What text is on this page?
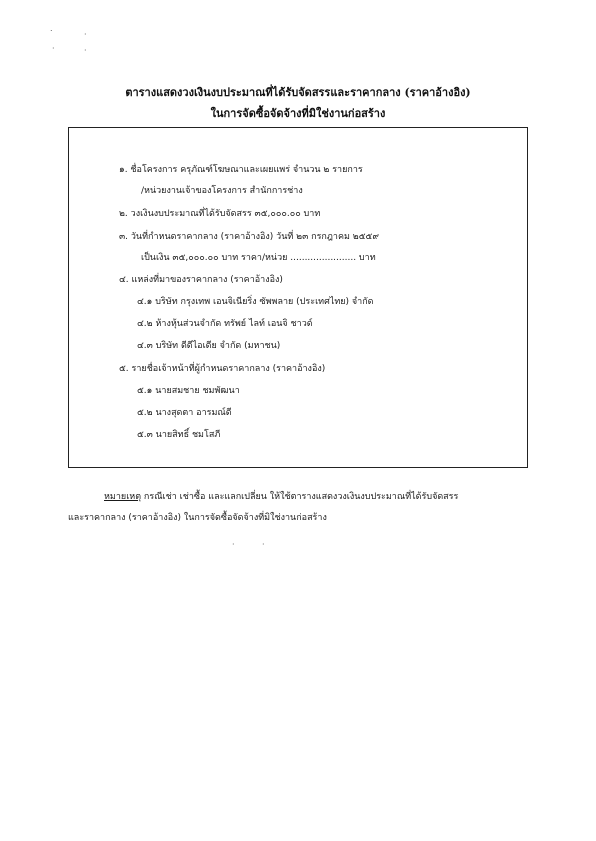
.
·
·	·
ตารางแสดงวงเงินงบประมาณที่ได้รับจัดสรรและราคากลาง (ราคาอ้างอิง)
ในการจัดซื้อจัดจ้างที่มิใช่งานก่อสร้าง
๑. ชื่อโครงการ ครุภัณฑ์โฆษณาและเผยแพร่ จำนวน ๒ รายการ
/หน่วยงานเจ้าของโครงการ สำนักการช่าง
๒. วงเงินงบประมาณที่ได้รับจัดสรร ๓๕,๐๐๐.๐๐ บาท
๓. วันที่กำหนดราคากลาง (ราคาอ้างอิง) วันที่ ๒๓ กรกฎาคม ๒๕๕๙
เป็นเงิน ๓๕,๐๐๐.๐๐ บาท ราคา/หน่วย ....................... บาท
๔. แหล่งที่มาของราคากลาง (ราคาอ้างอิง)
๔.๑ บริษัท กรุงเทพ เอนจิเนียริ่ง ซัพพลาย (ประเทศไทย) จำกัด
๔.๒ ห้างหุ้นส่วนจำกัด ทรัพย์ ไลท์ เอนจิ ชาวด์
๔.๓ บริษัท ดีดีไอเดีย จำกัด (มหาชน)
๕. รายชื่อเจ้าหน้าที่ผู้กำหนดราคากลาง (ราคาอ้างอิง)
๕.๑ นายสมชาย ชมพัฒนา
๕.๒ นางสุดตา อารมณ์ดี
๕.๓ นายสิทธิ์ ชมโสภี
หมายเหตุ กรณีเช่า เช่าซื้อ และแลกเปลี่ยน ให้ใช้ตารางแสดงวงเงินงบประมาณที่ได้รับจัดสรร
และราคากลาง (ราคาอ้างอิง) ในการจัดซื้อจัดจ้างที่มิใช่งานก่อสร้าง
·	·
